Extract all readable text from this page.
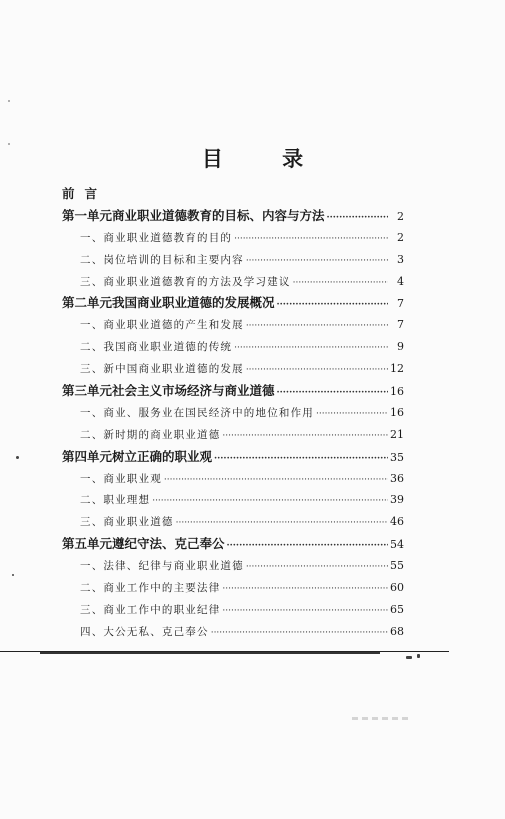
目 录
前言
第一单元 商业职业道德教育的目标、内容与方法 ·····	2
一、商业职业道德教育的目的 ·····	2
二、岗位培训的目标和主要内容 ·····	3
三、商业职业道德教育的方法及学习建议 ·····	4
第二单元 我国商业职业道德的发展概况 ·····	7
一、商业职业道德的产生和发展 ·····	7
二、我国商业职业道德的传统 ·····	9
三、新中国商业职业道德的发展 ·····	12
第三单元 社会主义市场经济与商业道德 ·····	16
一、商业、服务业在国民经济中的地位和作用 ·····	16
二、新时期的商业职业道德 ·····	21
第四单元 树立正确的职业观 ·····	35
一、商业职业观 ·····	36
二、职业理想 ·····	39
三、商业职业道德 ·····	46
第五单元 遵纪守法、克己奉公 ·····	54
一、法律、纪律与商业职业道德 ·····	55
二、商业工作中的主要法律 ·····	60
三、商业工作中的职业纪律 ·····	65
四、大公无私、克己奉公 ·····	68
